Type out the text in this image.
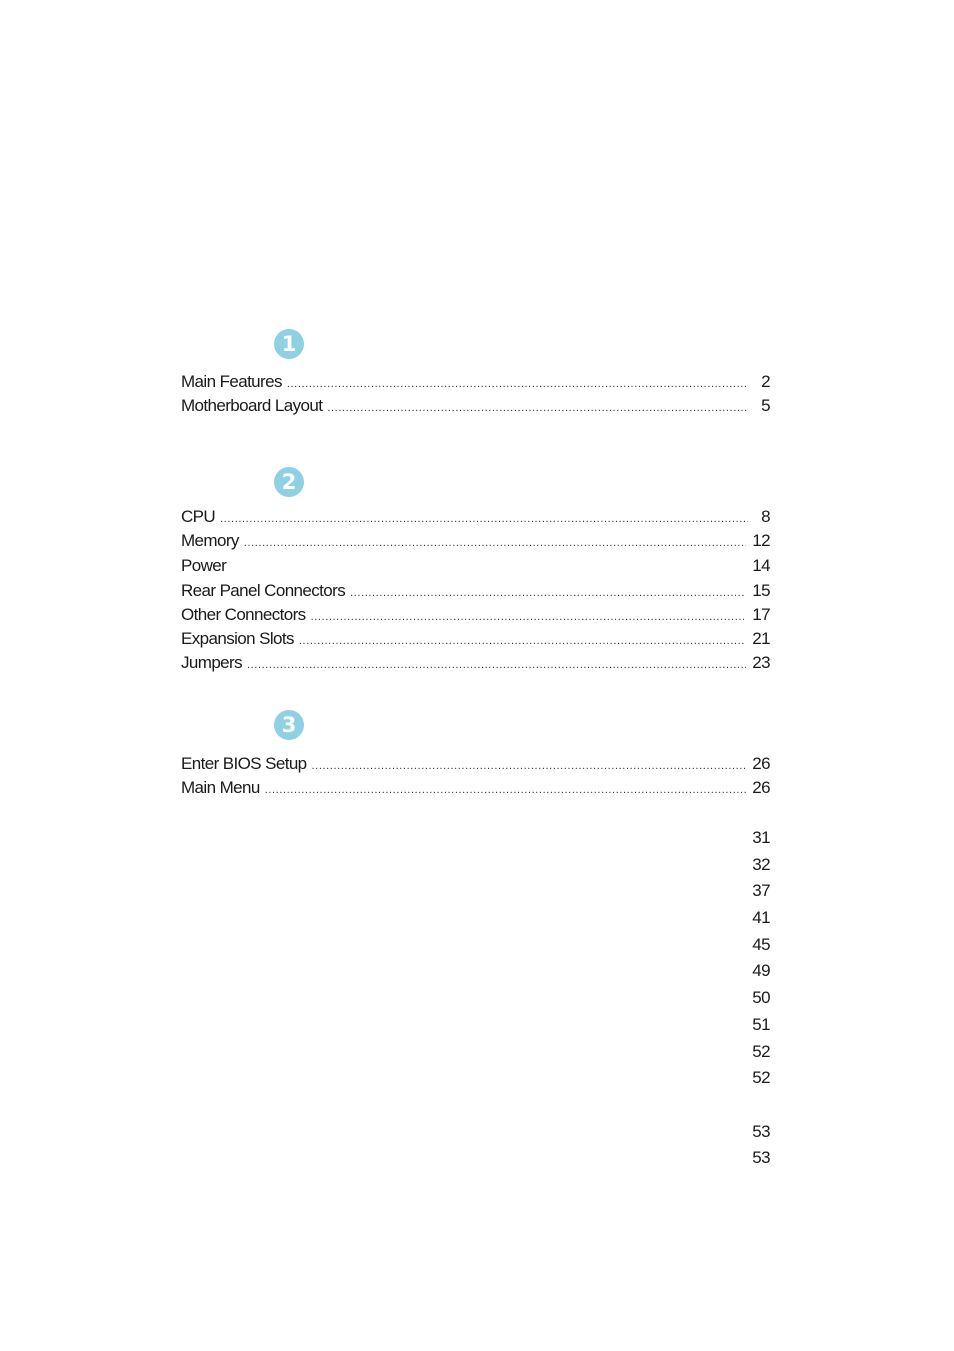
1
Main Features .....	2
Motherboard Layout .....	5
2
CPU .....	8
Memory .....	12
Power	14
Rear Panel Connectors .....	15
Other Connectors .....	17
Expansion Slots .....	21
Jumpers .....	23
3
Enter BIOS Setup .....	26
Main Menu .....	26
31
32
37
41
45
49
50
51
52
52
53
53
